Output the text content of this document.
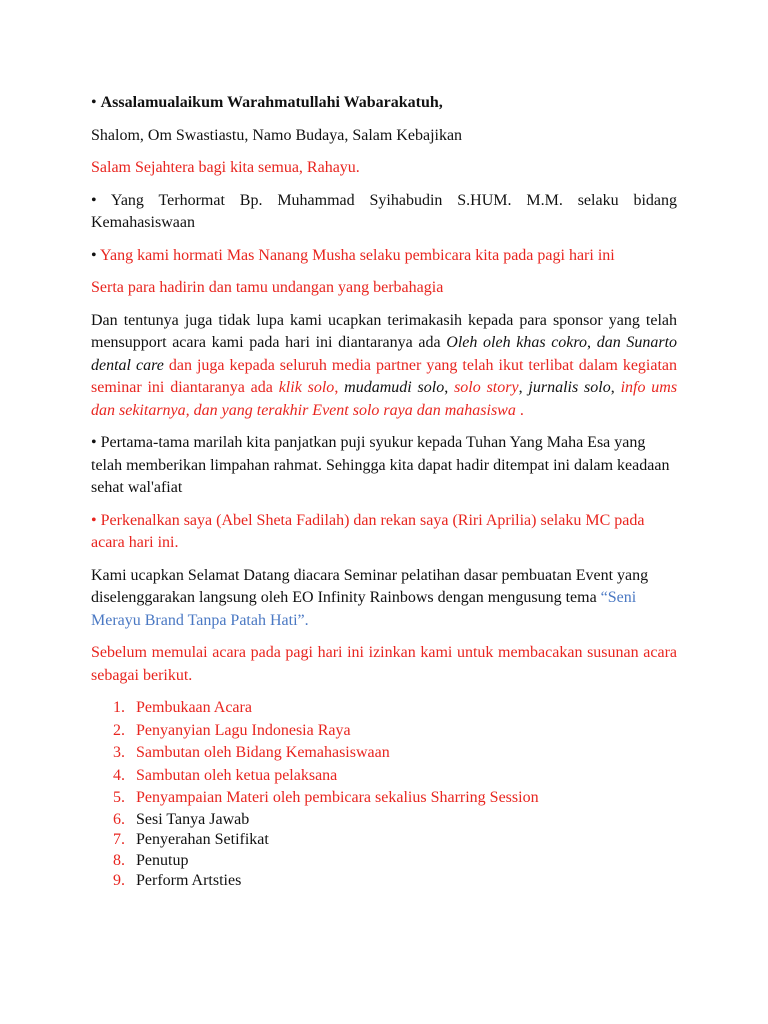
• Assalamualaikum Warahmatullahi Wabarakatuh,

Shalom, Om Swastiastu, Namo Budaya, Salam Kebajikan

Salam Sejahtera bagi kita semua, Rahayu.

• Yang Terhormat Bp. Muhammad Syihabudin S.HUM. M.M. selaku bidang Kemahasiswaan

• Yang kami hormati Mas Nanang Musha selaku pembicara kita pada pagi hari ini

Serta para hadirin dan tamu undangan yang berbahagia

Dan tentunya juga tidak lupa kami ucapkan terimakasih kepada para sponsor yang telah mensupport acara kami pada hari ini diantaranya ada Oleh oleh khas cokro, dan Sunarto dental care dan juga kepada seluruh media partner yang telah ikut terlibat dalam kegiatan seminar ini diantaranya ada klik solo, mudamudi solo, solo story, jurnalis solo, info ums dan sekitarnya, dan yang terakhir Event solo raya dan mahasiswa .

• Pertama-tama marilah kita panjatkan puji syukur kepada Tuhan Yang Maha Esa yang telah memberikan limpahan rahmat. Sehingga kita dapat hadir ditempat ini dalam keadaan sehat wal'afiat

• Perkenalkan saya (Abel Sheta Fadilah) dan rekan saya (Riri Aprilia) selaku MC pada acara hari ini.

Kami ucapkan Selamat Datang diacara Seminar pelatihan dasar pembuatan Event yang diselenggarakan langsung oleh EO Infinity Rainbows dengan mengusung tema “Seni Merayu Brand Tanpa Patah Hati”.

Sebelum memulai acara pada pagi hari ini izinkan kami untuk membacakan susunan acara sebagai berikut.

1. Pembukaan Acara
2. Penyanyian Lagu Indonesia Raya
3. Sambutan oleh Bidang Kemahasiswaan
4. Sambutan oleh ketua pelaksana
5. Penyampaian Materi oleh pembicara sekalius Sharring Session
6. Sesi Tanya Jawab
7. Penyerahan Setifikat
8. Penutup
9. Perform Artsties
